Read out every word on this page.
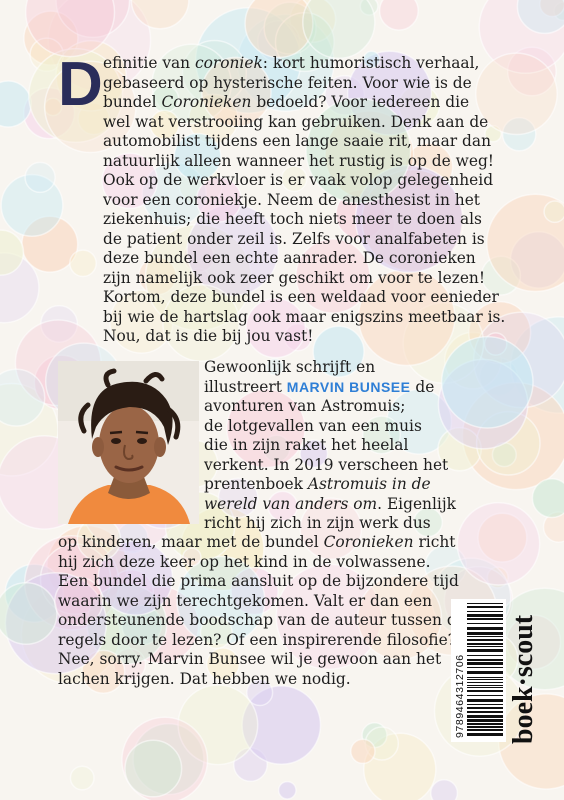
D efinitie van coroniek: kort humoristisch verhaal,
gebaseerd op hysterische feiten. Voor wie is de
bundel Coronieken bedoeld? Voor iedereen die
wel wat verstrooiing kan gebruiken. Denk aan de
automobilist tijdens een lange saaie rit, maar dan
natuurlijk alleen wanneer het rustig is op de weg!
Ook op de werkvloer is er vaak volop gelegenheid
voor een coroniekje. Neem de anesthesist in het
ziekenhuis; die heeft toch niets meer te doen als
de patient onder zeil is. Zelfs voor analfabeten is
deze bundel een echte aanrader. De coronieken
zijn namelijk ook zeer geschikt om voor te lezen!
Kortom, deze bundel is een weldaad voor eenieder
bij wie de hartslag ook maar enigszins meetbaar is.
Nou, dat is die bij jou vast!
Gewoonlijk schrijft en
illustreert MARVIN BUNSEE de
avonturen van Astromuis;
de lotgevallen van een muis
die in zijn raket het heelal
verkent. In 2019 verscheen het
prentenboek Astromuis in de
wereld van anders om. Eigenlijk
richt hij zich in zijn werk dus
op kinderen, maar met de bundel Coronieken richt
hij zich deze keer op het kind in de volwassene.
Een bundel die prima aansluit op de bijzondere tijd
waarin we zijn terechtgekomen. Valt er dan een
ondersteunende boodschap van de auteur tussen de
regels door te lezen? Of een inspirerende filosofie?
Nee, sorry. Marvin Bunsee wil je gewoon aan het
lachen krijgen. Dat hebben we nodig.	9789464312706 boek·scout
